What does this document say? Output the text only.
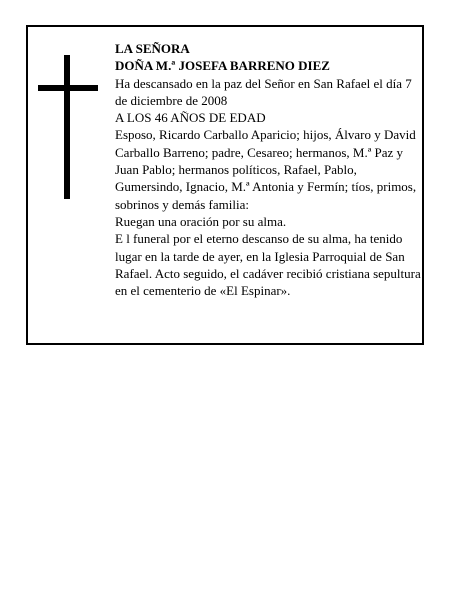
LA SEÑORA

DOÑA M.ª JOSEFA BARRENO DIEZ

Ha descansado en la paz del Señor en San Rafael el día 7 de diciembre de 2008

A LOS 46 AÑOS DE EDAD

Esposo, Ricardo Carballo Aparicio; hijos, Álvaro y David Carballo Barreno; padre, Cesareo; hermanos, M.ª Paz y Juan Pablo; hermanos políticos, Rafael, Pablo, Gumersindo, Ignacio, M.ª Antonia y Fermín; tíos, primos, sobrinos y demás familia:

Ruegan una oración por su alma.

E l funeral por el eterno descanso de su alma, ha tenido lugar en la tarde de ayer, en la Iglesia Parroquial de San Rafael. Acto seguido, el cadáver recibió cristiana sepultura en el cementerio de «El Espinar».
